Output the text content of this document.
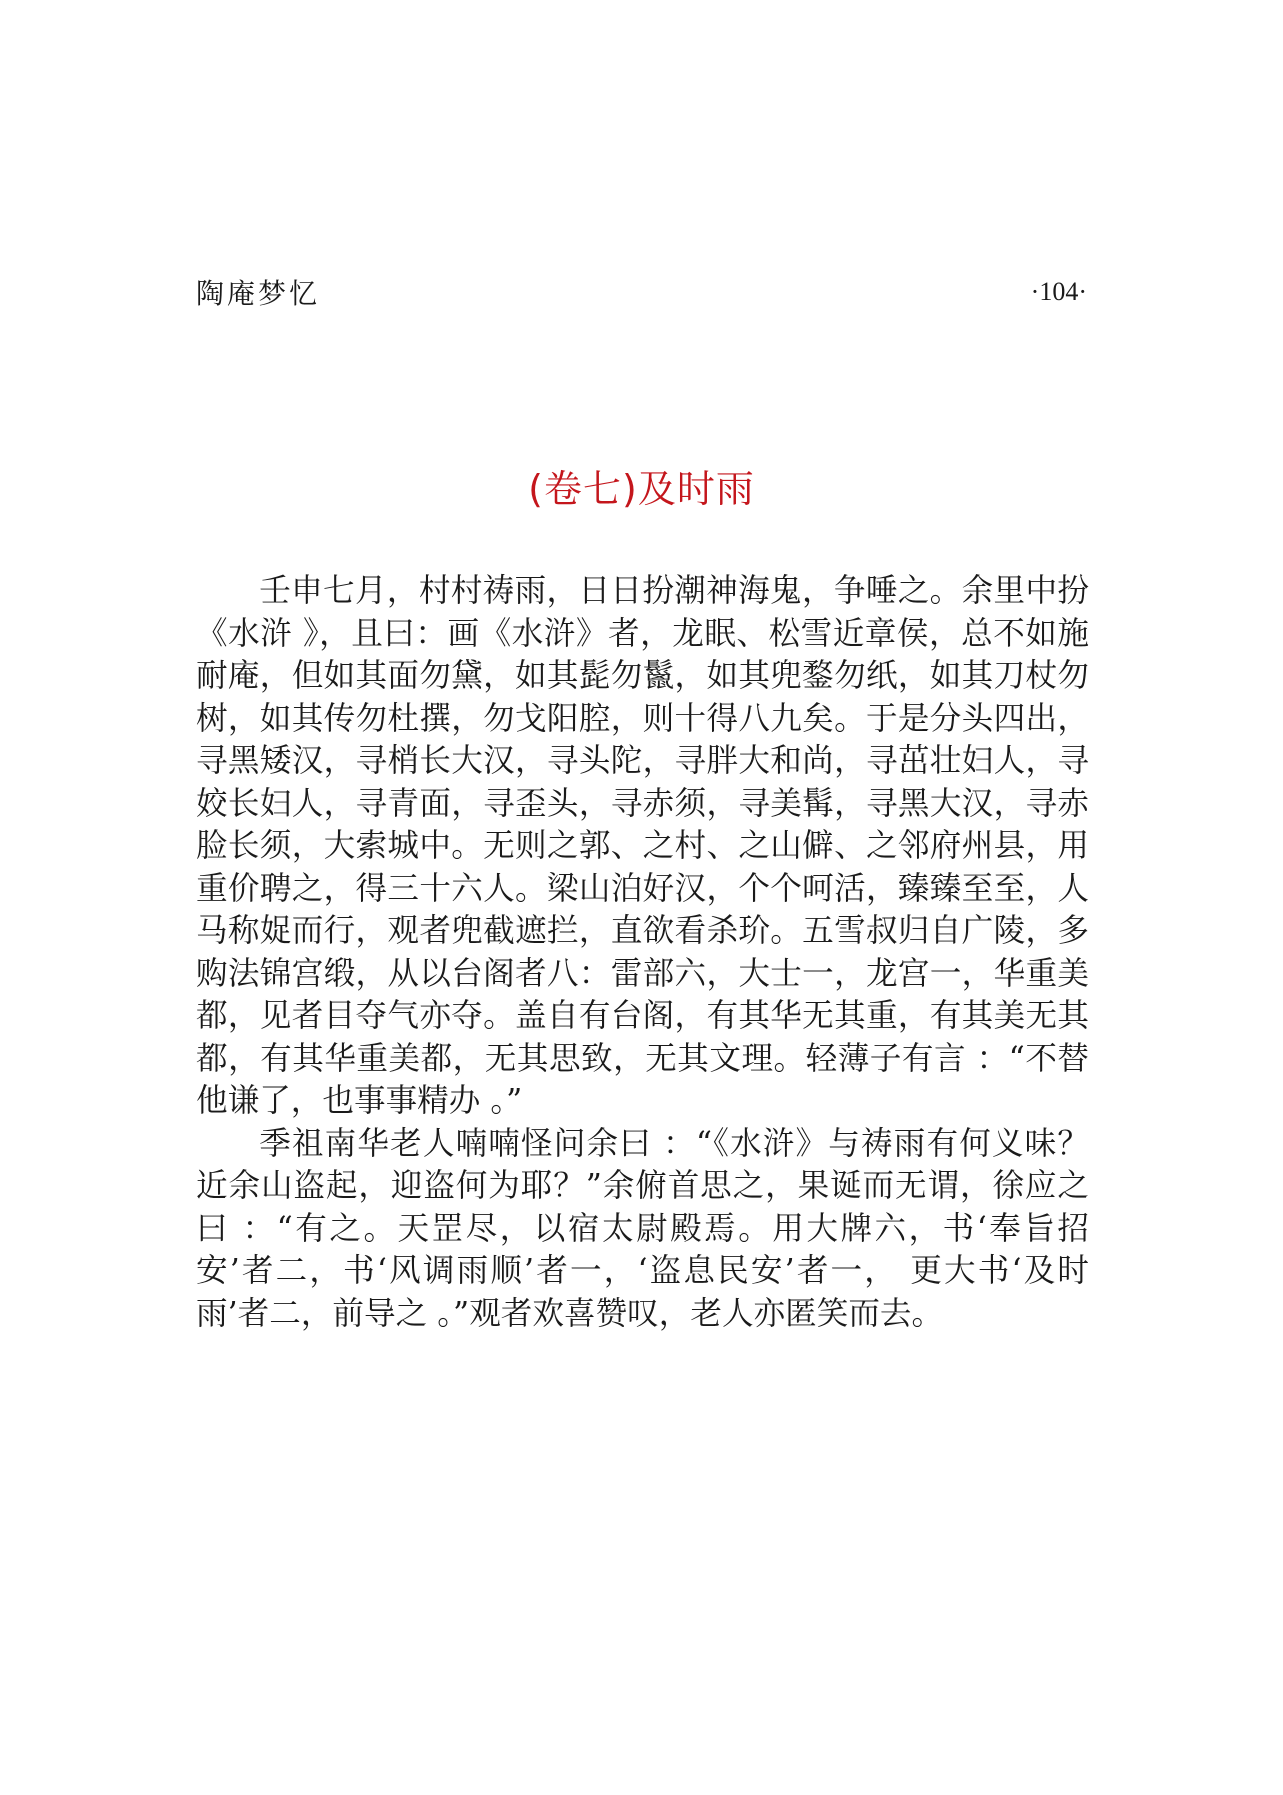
陶庵梦忆	·104·
(卷七)及时雨

壬申七月，村村祷雨，日日扮潮神海鬼，争唾之。余里中扮《水浒 》，且曰：画《水浒》者，龙眠、松雪近章侯，总不如施耐庵，但如其面勿黛，如其髭勿鬣，如其兜鍪勿纸，如其刀杖勿树，如其传勿杜撰，勿戈阳腔，则十得八九矣。于是分头四出，寻黑矮汉，寻梢长大汉，寻头陀，寻胖大和尚，寻茁壮妇人，寻姣长妇人，寻青面，寻歪头，寻赤须，寻美髯，寻黑大汉，寻赤脸长须，大索城中。无则之郭、之村、之山僻、之邻府州县，用重价聘之，得三十六人。梁山泊好汉，个个呵活，臻臻至至，人马称娖而行，观者兜截遮拦，直欲看杀玠。五雪叔归自广陵，多购法锦宫缎，从以台阁者八：雷部六，大士一，龙宫一，华重美都，见者目夺气亦夺。盖自有台阁，有其华无其重，有其美无其都，有其华重美都，无其思致，无其文理。轻薄子有言 ：“不替他谦了，也事事精办 。”

季祖南华老人喃喃怪问余曰 ：“《水浒》与祷雨有何义味？近余山盗起，迎盗何为耶？”余俯首思之，果诞而无谓，徐应之曰 ：“有之。天罡尽，以宿太尉殿焉。用大牌六，书‘奉旨招安’者二，书‘风调雨顺’者一，‘盗息民安’者一， 更大书‘及时雨’者二，前导之 。”观者欢喜赞叹，老人亦匿笑而去。
